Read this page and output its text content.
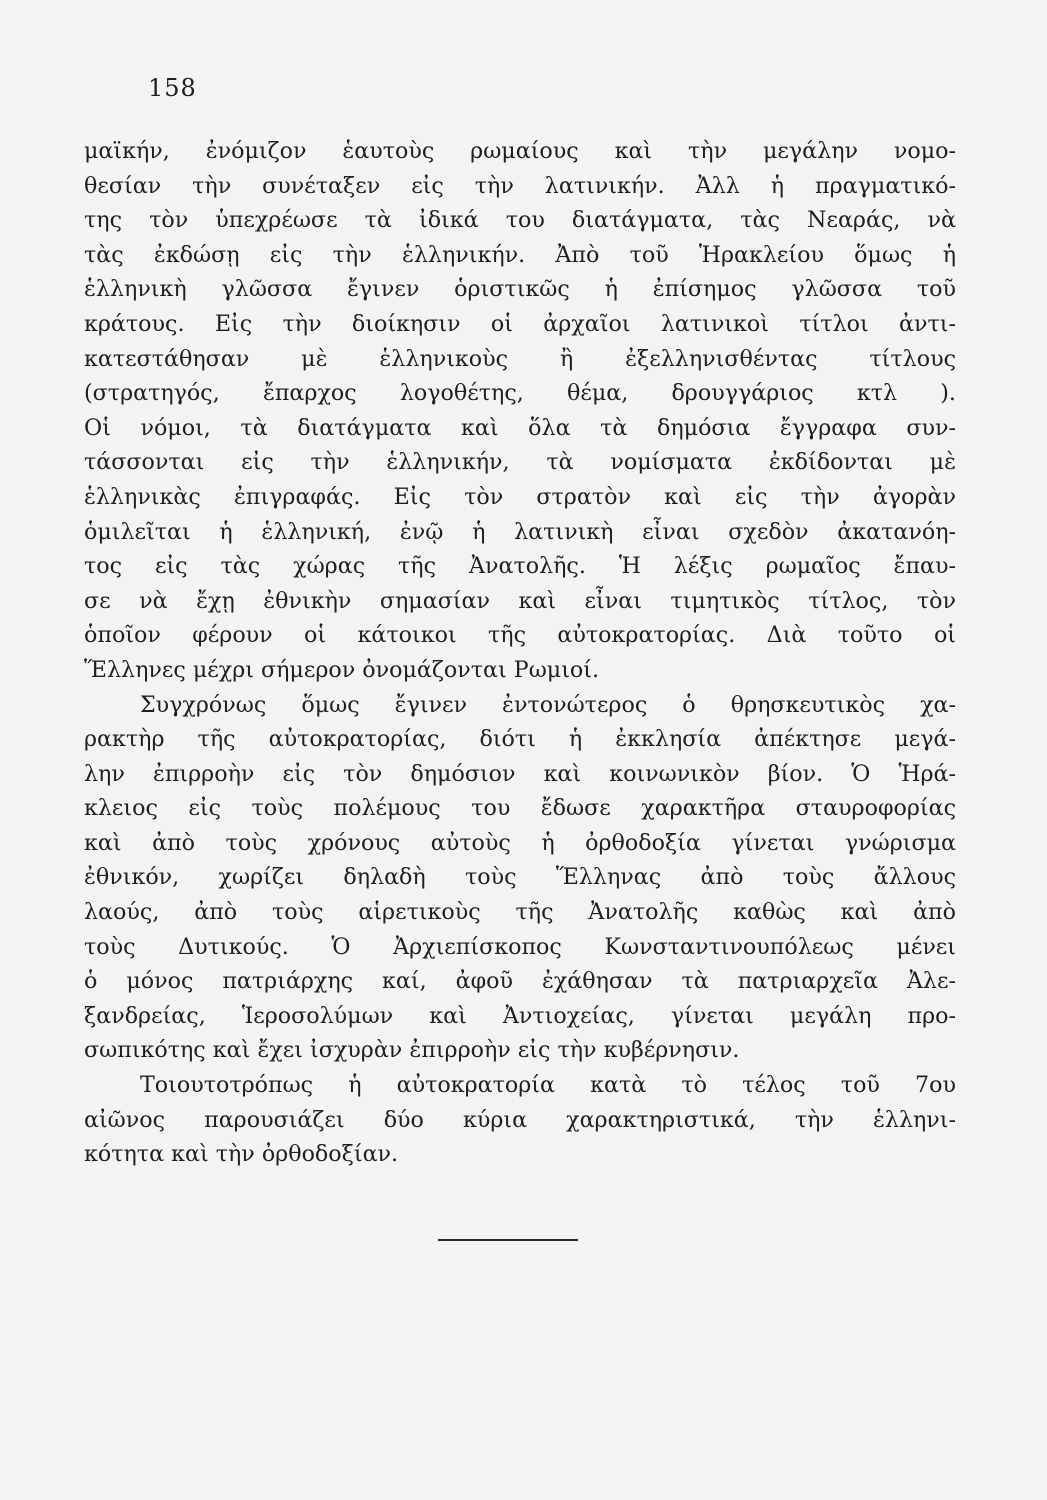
158
μαϊκήν, ἐνόμιζον ἑαυτοὺς ρωμαίους καὶ τὴν μεγάλην νομο-
θεσίαν τὴν συνέταξεν εἰς τὴν λατινικήν. Ἀλλ ἡ πραγματικό-
της τὸν ὑπεχρέωσε τὰ ἰδικά του διατάγματα, τὰς Νεαράς, νὰ
τὰς ἐκδώσῃ εἰς τὴν ἑλληνικήν. Ἀπὸ τοῦ Ἡρακλείου ὅμως ἡ
ἑλληνικὴ γλῶσσα ἔγινεν ὁριστικῶς ἡ ἐπίσημος γλῶσσα τοῦ
κράτους. Εἰς τὴν διοίκησιν οἱ ἀρχαῖοι λατινικοὶ τίτλοι ἀντι-
κατεστάθησαν μὲ ἑλληνικοὺς ἢ ἐξελληνισθέντας τίτλους
(στρατηγός, ἔπαρχος λογοθέτης, θέμα, δρουγγάριος κτλ ).
Οἱ νόμοι, τὰ διατάγματα καὶ ὅλα τὰ δημόσια ἔγγραφα συν-
τάσσονται εἰς τὴν ἑλληνικήν, τὰ νομίσματα ἐκδίδονται μὲ
ἑλληνικὰς ἐπιγραφάς. Εἰς τὸν στρατὸν καὶ εἰς τὴν ἀγορὰν
ὁμιλεῖται ἡ ἑλληνική, ἐνῷ ἡ λατινικὴ εἶναι σχεδὸν ἀκατανόη-
τος εἰς τὰς χώρας τῆς Ἀνατολῆς. Ἡ λέξις ρωμαῖος ἔπαυ-
σε νὰ ἔχῃ ἐθνικὴν σημασίαν καὶ εἶναι τιμητικὸς τίτλος, τὸν
ὁποῖον φέρουν οἱ κάτοικοι τῆς αὐτοκρατορίας. Διὰ τοῦτο οἱ
Ἕλληνες μέχρι σήμερον ὀνομάζονται Ρωμιοί.
Συγχρόνως ὅμως ἔγινεν ἐντονώτερος ὁ θρησκευτικὸς χα-
ρακτὴρ τῆς αὐτοκρατορίας, διότι ἡ ἐκκλησία ἀπέκτησε μεγά-
λην ἐπιρροὴν εἰς τὸν δημόσιον καὶ κοινωνικὸν βίον. Ὁ Ἡρά-
κλειος εἰς τοὺς πολέμους του ἔδωσε χαρακτῆρα σταυροφορίας
καὶ ἀπὸ τοὺς χρόνους αὐτοὺς ἡ ὀρθοδοξία γίνεται γνώρισμα
ἐθνικόν, χωρίζει δηλαδὴ τοὺς Ἕλληνας ἀπὸ τοὺς ἄλλους
λαούς, ἀπὸ τοὺς αἱρετικοὺς τῆς Ἀνατολῆς καθὼς καὶ ἀπὸ
τοὺς Δυτικούς. Ὁ Ἀρχιεπίσκοπος Κωνσταντινουπόλεως μένει
ὁ μόνος πατριάρχης καί, ἀφοῦ ἐχάθησαν τὰ πατριαρχεῖα Ἀλε-
ξανδρείας, Ἱεροσολύμων καὶ Ἀντιοχείας, γίνεται μεγάλη προ-
σωπικότης καὶ ἔχει ἰσχυρὰν ἐπιρροὴν εἰς τὴν κυβέρνησιν.
Τοιουτοτρόπως ἡ αὐτοκρατορία κατὰ τὸ τέλος τοῦ 7ου
αἰῶνος παρουσιάζει δύο κύρια χαρακτηριστικά, τὴν ἑλληνι-
κότητα καὶ τὴν ὀρθοδοξίαν.
